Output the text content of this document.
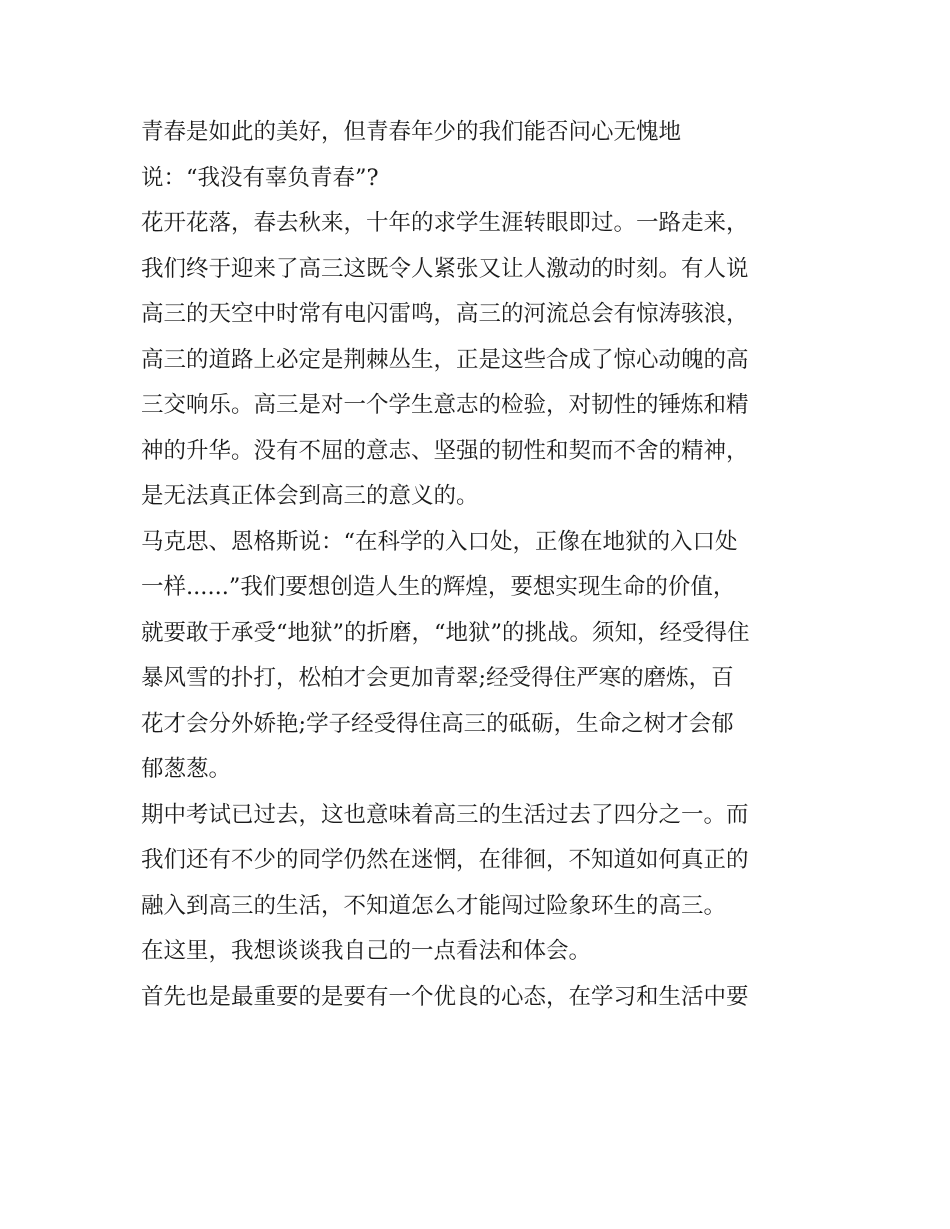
青春是如此的美好，但青春年少的我们能否问心无愧地
说：“我没有辜负青春”?
花开花落，春去秋来，十年的求学生涯转眼即过。一路走来，
我们终于迎来了高三这既令人紧张又让人激动的时刻。有人说
高三的天空中时常有电闪雷鸣，高三的河流总会有惊涛骇浪，
高三的道路上必定是荆棘丛生，正是这些合成了惊心动魄的高
三交响乐。高三是对一个学生意志的检验，对韧性的锤炼和精
神的升华。没有不屈的意志、坚强的韧性和契而不舍的精神，
是无法真正体会到高三的意义的。
马克思、恩格斯说：“在科学的入口处，正像在地狱的入口处
一样......”我们要想创造人生的辉煌，要想实现生命的价值，
就要敢于承受“地狱”的折磨，“地狱”的挑战。须知，经受得住
暴风雪的扑打，松柏才会更加青翠;经受得住严寒的磨炼，百
花才会分外娇艳;学子经受得住高三的砥砺，生命之树才会郁
郁葱葱。
期中考试已过去，这也意味着高三的生活过去了四分之一。而
我们还有不少的同学仍然在迷惘，在徘徊，不知道如何真正的
融入到高三的生活，不知道怎么才能闯过险象环生的高三。
在这里，我想谈谈我自己的一点看法和体会。
首先也是最重要的是要有一个优良的心态，在学习和生活中要
